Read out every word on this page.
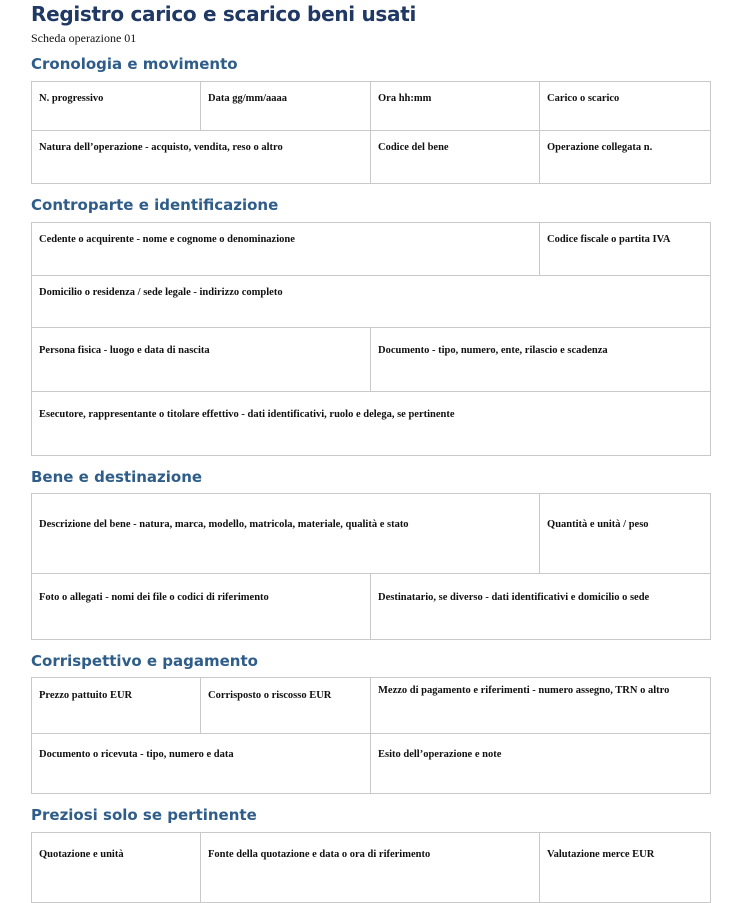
Registro carico e scarico beni usati

Scheda operazione 01

Cronologia e movimento
N. progressivo	Data gg/mm/aaaa	Ora hh:mm	Carico o scarico

Natura dell’operazione - acquisto, vendita, reso o altro		Codice del bene	Operazione collegata n.
Controparte e identificazione
Cedente o acquirente - nome e cognome o denominazione		Codice fiscale o partita IVA

Domicilio o residenza / sede legale - indirizzo completo		

Persona fisica - luogo e data di nascita	Documento - tipo, numero, ente, rilascio e scadenza	

Esecutore, rappresentante o titolare effettivo - dati identificativi, ruolo e delega, se pertinente		
Bene e destinazione
Descrizione del bene - natura, marca, modello, matricola, materiale, qualità e stato		Quantità e unità / peso

Foto o allegati - nomi dei file o codici di riferimento	Destinatario, se diverso - dati identificativi e domicilio o sede	
Corrispettivo e pagamento
Prezzo pattuito EUR	Corrisposto o riscosso EUR	Mezzo di pagamento e riferimenti - numero assegno, TRN o altro

Documento o ricevuta - tipo, numero e data		Esito dell’operazione e note
Preziosi solo se pertinente
Quotazione e unità	Fonte della quotazione e data o ora di riferimento	Valutazione merce EUR
